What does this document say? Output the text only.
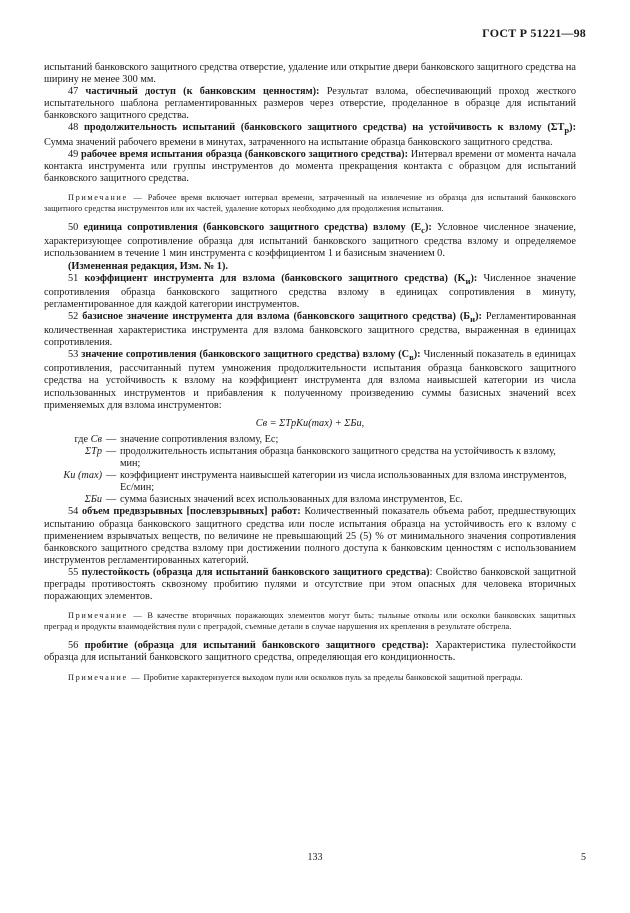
ГОСТ Р 51221—98

испытаний банковского защитного средства отверстие, удаление или открытие двери банковского защитного средства на ширину не менее 300 мм.

47 частичный доступ (к банковским ценностям): Результат взлома, обеспечивающий проход жесткого испытательного шаблона регламентированных размеров через отверстие, проделанное в образце для испытаний банковского защитного средства.

48 продолжительность испытаний (банковского защитного средства) на устойчивость к взлому $(\Sigma T_р)$: Сумма значений рабочего времени в минутах, затраченного на испытание образца банковского защитного средства.

49 рабочее время испытания образца (банковского защитного средства): Интервал времени от момента начала контакта инструмента или группы инструментов до момента прекращения контакта с образцом для испытаний банковского защитного средства.

Примечание — Рабочее время включает интервал времени, затраченный на извлечение из образца для испытаний банковского защитного средства инструментов или их частей, удаление которых необходимо для продолжения испытания.

50 единица сопротивления (банковского защитного средства) взлому $(E_с)$: Условное численное значение, характеризующее сопротивление образца для испытаний банковского защитного средства взлому и определяемое использованием в течение 1 мин инструмента с коэффициентом 1 и базисным значением 0.

(Измененная редакция, Изм. № 1).

51 коэффициент инструмента для взлома (банковского защитного средства) $(K_и)$: Численное значение сопротивления образца банковского защитного средства взлому в единицах сопротивления в минуту, регламентированное для каждой категории инструментов.

52 базисное значение инструмента для взлома (банковского защитного средства) $(Б_и)$: Регламентированная количественная характеристика инструмента для взлома банковского защитного средства, выраженная в единицах сопротивления.

53 значение сопротивления (банковского защитного средства) взлому $(С_в)$: Численный показатель в единицах сопротивления, рассчитанный путем умножения продолжительности испытания образца банковского защитного средства на устойчивость к взлому на коэффициент инструмента для взлома наивысшей категории из числа использованных инструментов и прибавления к полученному произведению суммы базисных значений всех применяемых для взлома инструментов:

Св = ΣTрKи(max) + ΣБи,

где Св — значение сопротивления взлому, Eс;
ΣTр — продолжительность испытания образца банковского защитного средства на устойчивость к взлому, мин;
Kи (max) — коэффициент инструмента наивысшей категории из числа использованных для взлома инструментов, Eс/мин;
ΣБи — сумма базисных значений всех использованных для взлома инструментов, Eс.

54 объем предвзрывных [послевзрывных] работ: Количественный показатель объема работ, предшествующих испытанию образца банковского защитного средства или после испытания образца на устойчивость его к взлому с применением взрывчатых веществ, по величине не превышающий 25 (5) % от минимального значения сопротивления банковского защитного средства взлому при достижении полного доступа к банковским ценностям с использованием инструментов регламентированных категорий.

55 пулестойкость (образца для испытаний банковского защитного средства): Свойство банковской защитной преграды противостоять сквозному пробитию пулями и отсутствие при этом опасных для человека вторичных поражающих элементов.

Примечание — В качестве вторичных поражающих элементов могут быть: тыльные отколы или осколки банковских защитных преград и продукты взаимодействия пули с преградой, съемные детали в случае нарушения их крепления в результате обстрела.

56 пробитие (образца для испытаний банковского защитного средства): Характеристика пулестойкости образца для испытаний банковского защитного средства, определяющая его кондиционность.

Примечание — Пробитие характеризуется выходом пули или осколков пуль за пределы банковской защитной преграды.

133	5
